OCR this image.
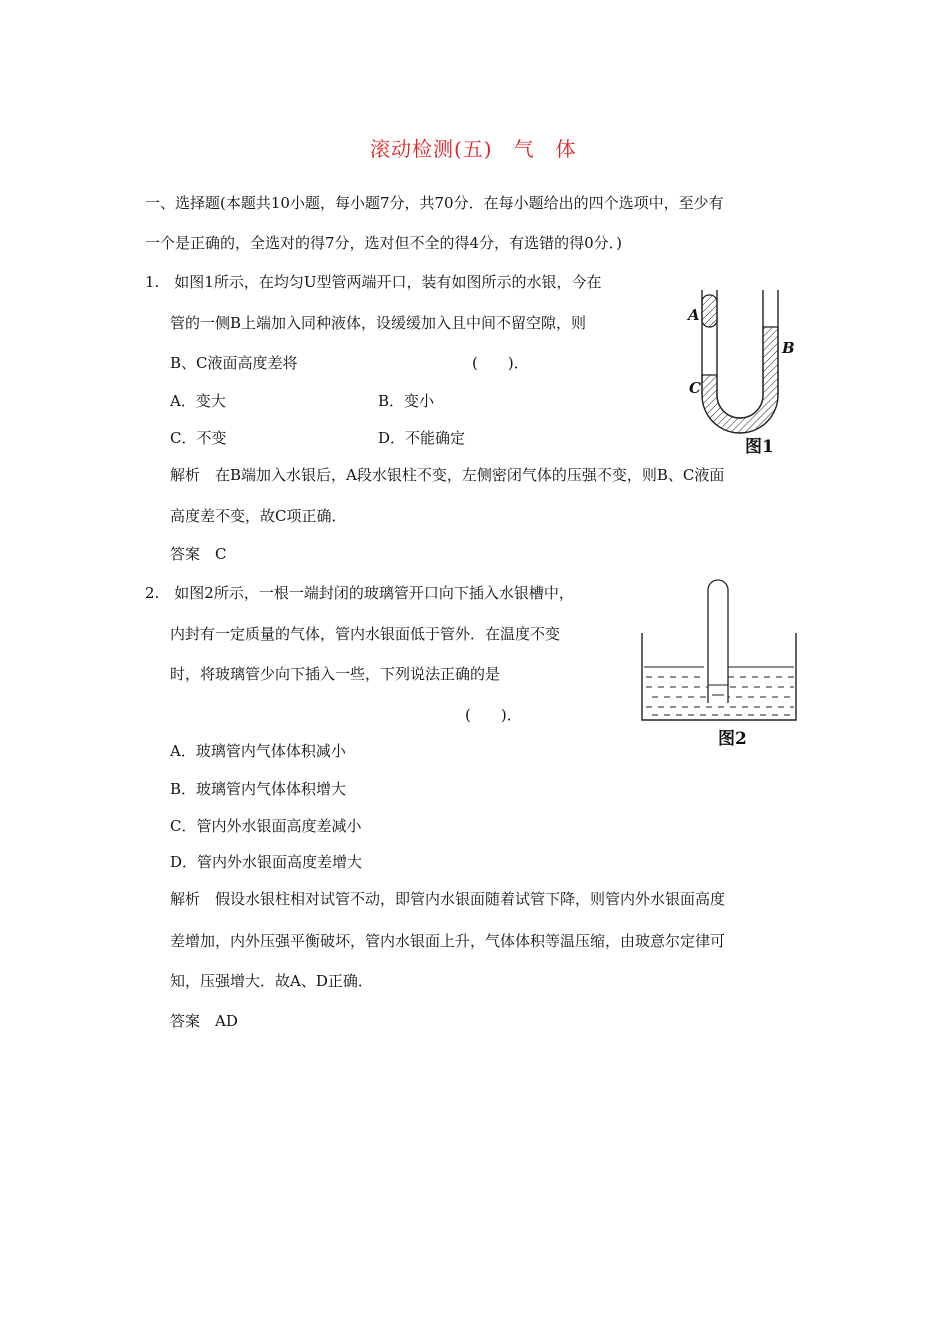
滚动检测(五)　气　体
一、选择题(本题共10小题，每小题7分，共70分．在每小题给出的四个选项中，至少有
一个是正确的，全选对的得7分，选对但不全的得4分，有选错的得0分．)
1.　如图1所示，在均匀U型管两端开口，装有如图所示的水银，今在
管的一侧B上端加入同种液体，设缓缓加入且中间不留空隙，则
B、C液面高度差将	(　　)．
A．变大	B．变小
C．不变	D．不能确定
解析　在B端加入水银后，A段水银柱不变，左侧密闭气体的压强不变，则B、C液面
高度差不变，故C项正确．
答案　C
A
B
C
图1
2.　如图2所示，一根一端封闭的玻璃管开口向下插入水银槽中，
内封有一定质量的气体，管内水银面低于管外．在温度不变
时，将玻璃管少向下插入一些，下列说法正确的是
(　　)．
A．玻璃管内气体体积减小
B．玻璃管内气体体积增大
C．管内外水银面高度差减小
D．管内外水银面高度差增大
解析　假设水银柱相对试管不动，即管内水银面随着试管下降，则管内外水银面高度
差增加，内外压强平衡破坏，管内水银面上升，气体体积等温压缩，由玻意尔定律可
知，压强增大．故A、D正确．
答案　AD
图2
